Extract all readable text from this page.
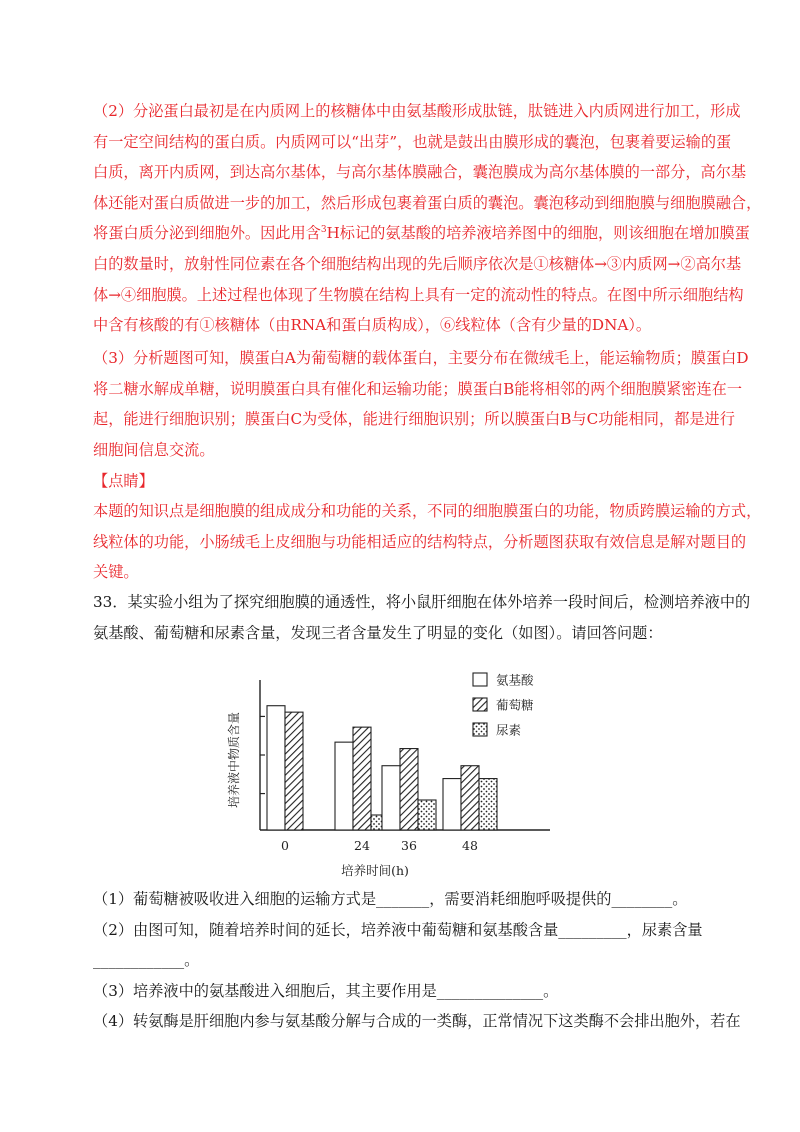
（2）分泌蛋白最初是在内质网上的核糖体中由氨基酸形成肽链，肽链进入内质网进行加工，形成
有一定空间结构的蛋白质。内质网可以“出芽”，也就是鼓出由膜形成的囊泡，包裹着要运输的蛋
白质，离开内质网，到达高尔基体，与高尔基体膜融合，囊泡膜成为高尔基体膜的一部分，高尔基
体还能对蛋白质做进一步的加工，然后形成包裹着蛋白质的囊泡。囊泡移动到细胞膜与细胞膜融合，
将蛋白质分泌到细胞外。因此用含$^3$H标记的氨基酸的培养液培养图中的细胞，则该细胞在增加膜蛋
白的数量时，放射性同位素在各个细胞结构出现的先后顺序依次是①核糖体→③内质网→②高尔基
体→④细胞膜。上述过程也体现了生物膜在结构上具有一定的流动性的特点。在图中所示细胞结构
中含有核酸的有①核糖体（由RNA和蛋白质构成），⑥线粒体（含有少量的DNA）。
（3）分析题图可知，膜蛋白A为葡萄糖的载体蛋白，主要分布在微绒毛上，能运输物质；膜蛋白D
将二糖水解成单糖，说明膜蛋白具有催化和运输功能；膜蛋白B能将相邻的两个细胞膜紧密连在一
起，能进行细胞识别；膜蛋白C为受体，能进行细胞识别；所以膜蛋白B与C功能相同，都是进行
细胞间信息交流。
【点睛】
本题的知识点是细胞膜的组成成分和功能的关系，不同的细胞膜蛋白的功能，物质跨膜运输的方式，
线粒体的功能，小肠绒毛上皮细胞与功能相适应的结构特点，分析题图获取有效信息是解对题目的
关键。
33．某实验小组为了探究细胞膜的通透性，将小鼠肝细胞在体外培养一段时间后，检测培养液中的
氨基酸、葡萄糖和尿素含量，发现三者含量发生了明显的变化（如图）。请回答问题：
0	24 36	48
氨基酸
葡萄糖
尿素
培养液中物质含量
培养时间(h)
（1）葡萄糖被吸收进入细胞的运输方式是_______，需要消耗细胞呼吸提供的________。
（2）由图可知，随着培养时间的延长，培养液中葡萄糖和氨基酸含量_________，尿素含量
____________。
（3）培养液中的氨基酸进入细胞后，其主要作用是______________。
（4）转氨酶是肝细胞内参与氨基酸分解与合成的一类酶，正常情况下这类酶不会排出胞外，若在
